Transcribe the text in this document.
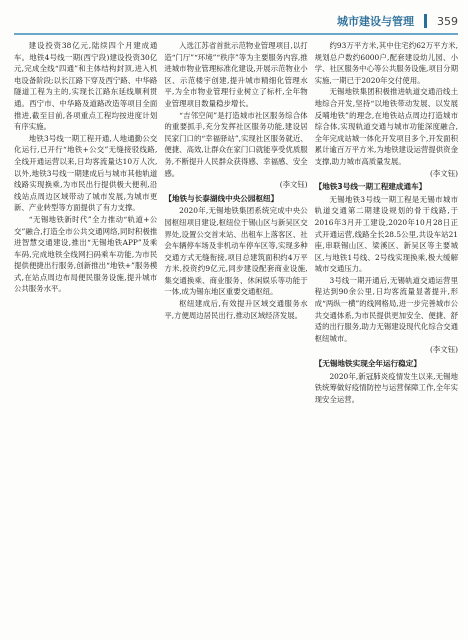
城市建设与管理 359

建设投资38亿元,陆续四个月建成通车。地铁4号线一期(西宁段)建设投资30亿元,完成全线“四通”和主体结构封顶,进入机电设备阶段;以长江路下穿及西宁路、中华路隧道工程为主的,实现长江路东延线顺利贯通。西宁市、中华路及道路改造等项目全面推进,截至目前,各项重点工程均按进度计划有序实施。

地铁3号线一期工程开通,人地通勤公交化运行,已开行“地铁+公交”无缝接驳线路,全线开通运营以来,日均客流量达10万人次,以外,地铁3号线一期建成后与城市其他轨道线路实现换乘,为市民出行提供极大便利,沿线站点周边区域带动了城市发展,为城市更新、产业转型等方面提供了有力支撑。

“无锡地铁新时代”全力推动“轨道+公交”融合,打造全市公共交通网络,同时积极推进智慧交通建设,推出“无锡地铁APP”及乘车码,完成地铁全线网扫码乘车功能,为市民提供便捷出行服务,创新推出“地铁+”服务模式,在站点周边布局便民服务设施,提升城市公共服务水平。

入选江苏省首批示范物业管理项目,以打造“门厅”“环境”“秩序”等为主要服务内容,推进城市物业管理标准化建设,开展示范物业小区、示范楼宇创建,提升城市精细化管理水平,为全市物业管理行业树立了标杆,全年物业管理项目数量稳步增长。

“吉邻空间”是打造城市社区服务综合体的重要抓手,充分发挥社区服务功能,建设居民家门口的“幸福驿站”,实现社区服务就近、便捷、高效,让群众在家门口就能享受优质服务,不断提升人民群众获得感、幸福感、安全感。

(李文钰)
【地铁与长泰湖线中央公园枢纽】

2020年,无锡地铁集团系统完成中央公园枢纽项目建设,枢纽位于锡山区与新吴区交界处,设置公交首末站、出租车上落客区、社会车辆停车场及非机动车停车区等,实现多种交通方式无缝衔接,项目总建筑面积约4万平方米,投资约9亿元,同步建设配套商业设施,集交通换乘、商业服务、休闲娱乐等功能于一体,成为锡东地区重要交通枢纽。

枢纽建成后,有效提升区域交通服务水平,方便周边居民出行,推动区域经济发展。

约93万平方米,其中住宅约62万平方米,规划总户数约6000户,配套建设幼儿园、小学、社区服务中心等公共服务设施,项目分期实施,一期已于2020年交付使用。

无锡地铁集团积极推进轨道交通沿线土地综合开发,坚持“以地铁带动发展、以发展反哺地铁”的理念,在地铁站点周边打造城市综合体,实现轨道交通与城市功能深度融合,全年完成站城一体化开发项目多个,开发面积累计逾百万平方米,为地铁建设运营提供资金支撑,助力城市高质量发展。

(李文钰)
【地铁3号线一期工程建成通车】

无锡地铁3号线一期工程是无锡市城市轨道交通第二期建设规划的骨干线路,于2016年3月开工建设,2020年10月28日正式开通运营,线路全长28.5公里,共设车站21座,串联锡山区、梁溪区、新吴区等主要城区,与地铁1号线、2号线实现换乘,极大缓解城市交通压力。

3号线一期开通后,无锡轨道交通运营里程达到90余公里,日均客流量显著提升,形成“两纵一横”的线网格局,进一步完善城市公共交通体系,为市民提供更加安全、便捷、舒适的出行服务,助力无锡建设现代化综合交通枢纽城市。

(李文钰)
【无锡地铁实现全年运行稳定】

2020年,新冠肺炎疫情发生以来,无锡地铁统筹做好疫情防控与运营保障工作,全年实现安全运营。
